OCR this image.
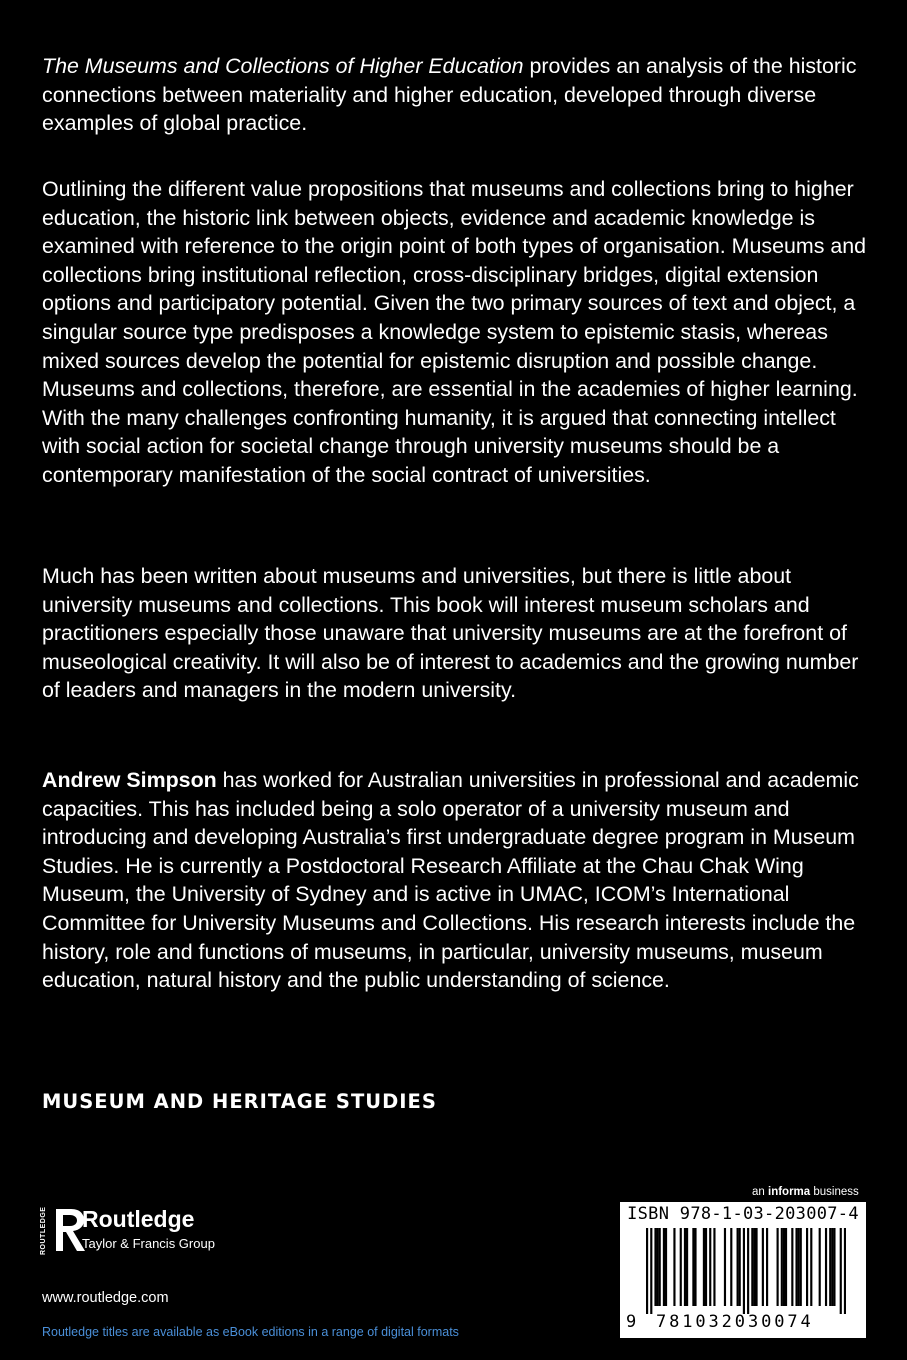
The Museums and Collections of Higher Education provides an analysis of the historic connections between materiality and higher education, developed through diverse examples of global practice.

Outlining the different value propositions that museums and collections bring to higher education, the historic link between objects, evidence and academic knowledge is examined with reference to the origin point of both types of organisation. Museums and collections bring institutional reflection, cross-disciplinary bridges, digital extension options and participatory potential. Given the two primary sources of text and object, a singular source type predisposes a knowledge system to epistemic stasis, whereas mixed sources develop the potential for epistemic disruption and possible change. Museums and collections, therefore, are essential in the academies of higher learning. With the many challenges confronting humanity, it is argued that connecting intellect with social action for societal change through university museums should be a contemporary manifestation of the social contract of universities.

Much has been written about museums and universities, but there is little about university museums and collections. This book will interest museum scholars and practitioners especially those unaware that university museums are at the forefront of museological creativity. It will also be of interest to academics and the growing number of leaders and managers in the modern university.

Andrew Simpson has worked for Australian universities in professional and academic capacities. This has included being a solo operator of a university museum and introducing and developing Australia’s first undergraduate degree program in Museum Studies. He is currently a Postdoctoral Research Affiliate at the Chau Chak Wing Museum, the University of Sydney and is active in UMAC, ICOM’s International Committee for University Museums and Collections. His research interests include the history, role and functions of museums, in particular, university museums, museum education, natural history and the public understanding of science.

MUSEUM AND HERITAGE STUDIES
ROUTLEDGE Routledge
Taylor & Francis Group
www.routledge.com
Routledge titles are available as eBook editions in a range of digital formats
an informa business
ISBN 978-1-03-203007-4
9 781032030074
